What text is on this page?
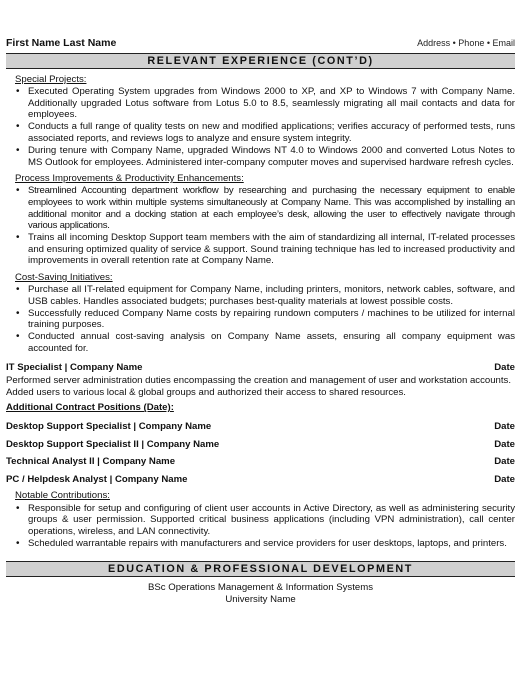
First Name Last Name	Address • Phone • Email
RELEVANT EXPERIENCE (CONT’D)
Special Projects:
• Executed Operating System upgrades from Windows 2000 to XP, and XP to Windows 7 with Company Name. Additionally upgraded Lotus software from Lotus 5.0 to 8.5, seamlessly migrating all mail contacts and data for employees.
• Conducts a full range of quality tests on new and modified applications; verifies accuracy of performed tests, runs associated reports, and reviews logs to analyze and ensure system integrity.
• During tenure with Company Name, upgraded Windows NT 4.0 to Windows 2000 and converted Lotus Notes to MS Outlook for employees. Administered inter-company computer moves and supervised hardware refresh cycles.
Process Improvements & Productivity Enhancements:
• Streamlined Accounting department workflow by researching and purchasing the necessary equipment to enable employees to work within multiple systems simultaneously at Company Name. This was accomplished by installing an additional monitor and a docking station at each employee’s desk, allowing the user to effectively navigate through various applications.
• Trains all incoming Desktop Support team members with the aim of standardizing all internal, IT-related processes and ensuring optimized quality of service & support. Sound training technique has led to increased productivity and improvements in overall retention rate at Company Name.
Cost-Saving Initiatives:
• Purchase all IT-related equipment for Company Name, including printers, monitors, network cables, software, and USB cables. Handles associated budgets; purchases best-quality materials at lowest possible costs.
• Successfully reduced Company Name costs by repairing rundown computers / machines to be utilized for internal training purposes.
• Conducted annual cost-saving analysis on Company Name assets, ensuring all company equipment was accounted for.
IT Specialist | Company Name	Date
Performed server administration duties encompassing the creation and management of user and workstation accounts. Added users to various local & global groups and authorized their access to shared resources.
Additional Contract Positions (Date):
Desktop Support Specialist | Company Name	Date
Desktop Support Specialist II | Company Name	Date
Technical Analyst II | Company Name	Date
PC / Helpdesk Analyst | Company Name	Date
Notable Contributions:
• Responsible for setup and configuring of client user accounts in Active Directory, as well as administering security groups & user permission. Supported critical business applications (including VPN administration), call center operations, wireless, and LAN connectivity.
• Scheduled warrantable repairs with manufacturers and service providers for user desktops, laptops, and printers.
EDUCATION & PROFESSIONAL DEVELOPMENT
BSc Operations Management & Information Systems
University Name
